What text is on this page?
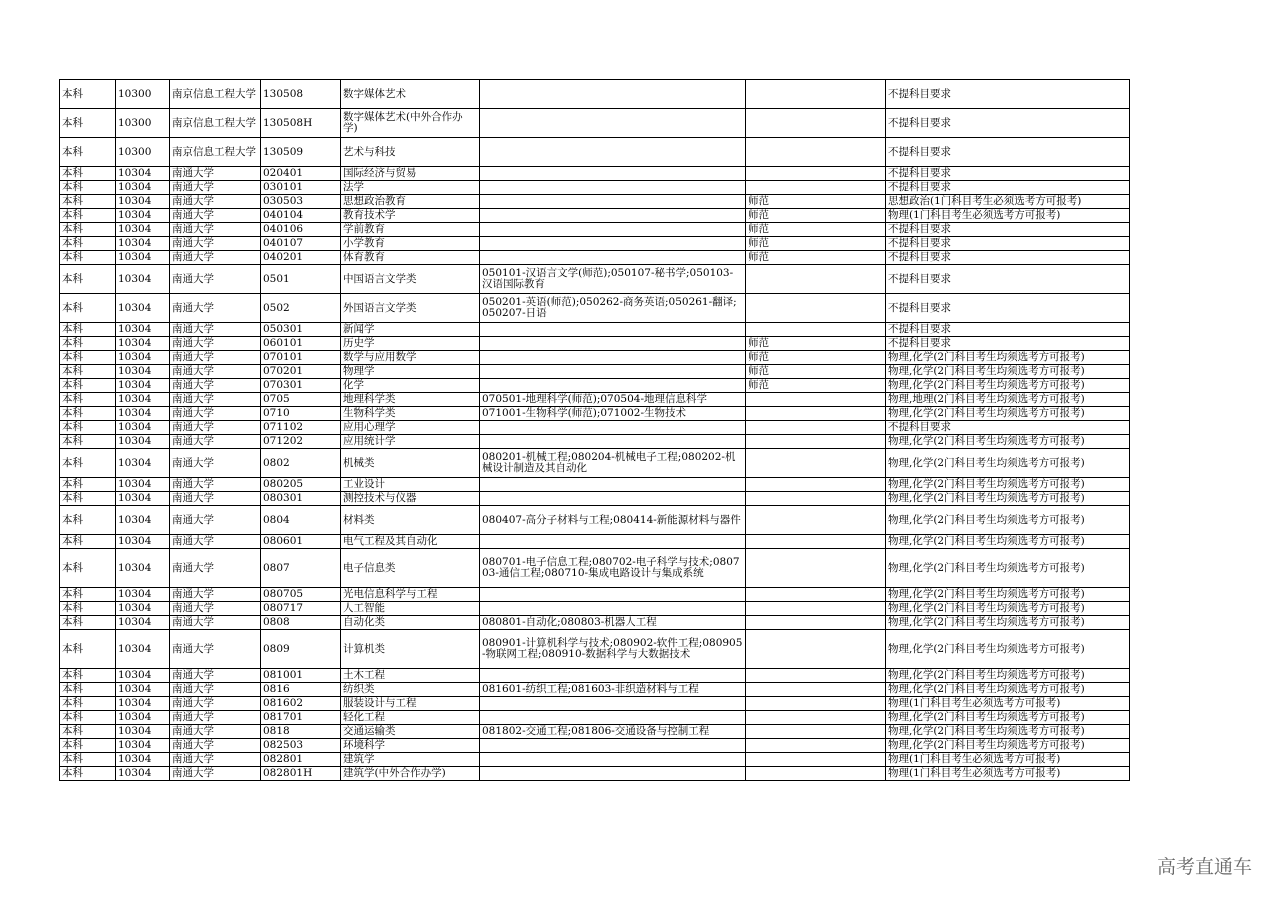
本科	10300	南京信息工程大学	130508	数字媒体艺术			不提科目要求
本科	10300	南京信息工程大学	130508H	数字媒体艺术(中外合作办学)			不提科目要求
本科	10300	南京信息工程大学	130509	艺术与科技			不提科目要求
本科	10304	南通大学	020401	国际经济与贸易			不提科目要求
本科	10304	南通大学	030101	法学			不提科目要求
本科	10304	南通大学	030503	思想政治教育		师范	思想政治(1门科目考生必须选考方可报考)
本科	10304	南通大学	040104	教育技术学		师范	物理(1门科目考生必须选考方可报考)
本科	10304	南通大学	040106	学前教育		师范	不提科目要求
本科	10304	南通大学	040107	小学教育		师范	不提科目要求
本科	10304	南通大学	040201	体育教育		师范	不提科目要求
本科	10304	南通大学	0501	中国语言文学类	050101-汉语言文学(师范);050107-秘书学;050103-汉语国际教育		不提科目要求
本科	10304	南通大学	0502	外国语言文学类	050201-英语(师范);050262-商务英语;050261-翻译;050207-日语		不提科目要求
本科	10304	南通大学	050301	新闻学			不提科目要求
本科	10304	南通大学	060101	历史学		师范	不提科目要求
本科	10304	南通大学	070101	数学与应用数学		师范	物理,化学(2门科目考生均须选考方可报考)
本科	10304	南通大学	070201	物理学		师范	物理,化学(2门科目考生均须选考方可报考)
本科	10304	南通大学	070301	化学		师范	物理,化学(2门科目考生均须选考方可报考)
本科	10304	南通大学	0705	地理科学类	070501-地理科学(师范);070504-地理信息科学		物理,地理(2门科目考生均须选考方可报考)
本科	10304	南通大学	0710	生物科学类	071001-生物科学(师范);071002-生物技术		物理,化学(2门科目考生均须选考方可报考)
本科	10304	南通大学	071102	应用心理学			不提科目要求
本科	10304	南通大学	071202	应用统计学			物理,化学(2门科目考生均须选考方可报考)
本科	10304	南通大学	0802	机械类	080201-机械工程;080204-机械电子工程;080202-机械设计制造及其自动化		物理,化学(2门科目考生均须选考方可报考)
本科	10304	南通大学	080205	工业设计			物理,化学(2门科目考生均须选考方可报考)
本科	10304	南通大学	080301	测控技术与仪器			物理,化学(2门科目考生均须选考方可报考)
本科	10304	南通大学	0804	材料类	080407-高分子材料与工程;080414-新能源材料与器件		物理,化学(2门科目考生均须选考方可报考)
本科	10304	南通大学	080601	电气工程及其自动化			物理,化学(2门科目考生均须选考方可报考)
本科	10304	南通大学	0807	电子信息类	080701-电子信息工程;080702-电子科学与技术;080703-通信工程;080710-集成电路设计与集成系统		物理,化学(2门科目考生均须选考方可报考)
本科	10304	南通大学	080705	光电信息科学与工程			物理,化学(2门科目考生均须选考方可报考)
本科	10304	南通大学	080717	人工智能			物理,化学(2门科目考生均须选考方可报考)
本科	10304	南通大学	0808	自动化类	080801-自动化;080803-机器人工程		物理,化学(2门科目考生均须选考方可报考)
本科	10304	南通大学	0809	计算机类	080901-计算机科学与技术;080902-软件工程;080905-物联网工程;080910-数据科学与大数据技术		物理,化学(2门科目考生均须选考方可报考)
本科	10304	南通大学	081001	土木工程			物理,化学(2门科目考生均须选考方可报考)
本科	10304	南通大学	0816	纺织类	081601-纺织工程;081603-非织造材料与工程		物理,化学(2门科目考生均须选考方可报考)
本科	10304	南通大学	081602	服装设计与工程			物理(1门科目考生必须选考方可报考)
本科	10304	南通大学	081701	轻化工程			物理,化学(2门科目考生均须选考方可报考)
本科	10304	南通大学	0818	交通运输类	081802-交通工程;081806-交通设备与控制工程		物理,化学(2门科目考生均须选考方可报考)
本科	10304	南通大学	082503	环境科学			物理,化学(2门科目考生均须选考方可报考)
本科	10304	南通大学	082801	建筑学			物理(1门科目考生必须选考方可报考)
本科	10304	南通大学	082801H	建筑学(中外合作办学)			物理(1门科目考生必须选考方可报考)
高考直通车
